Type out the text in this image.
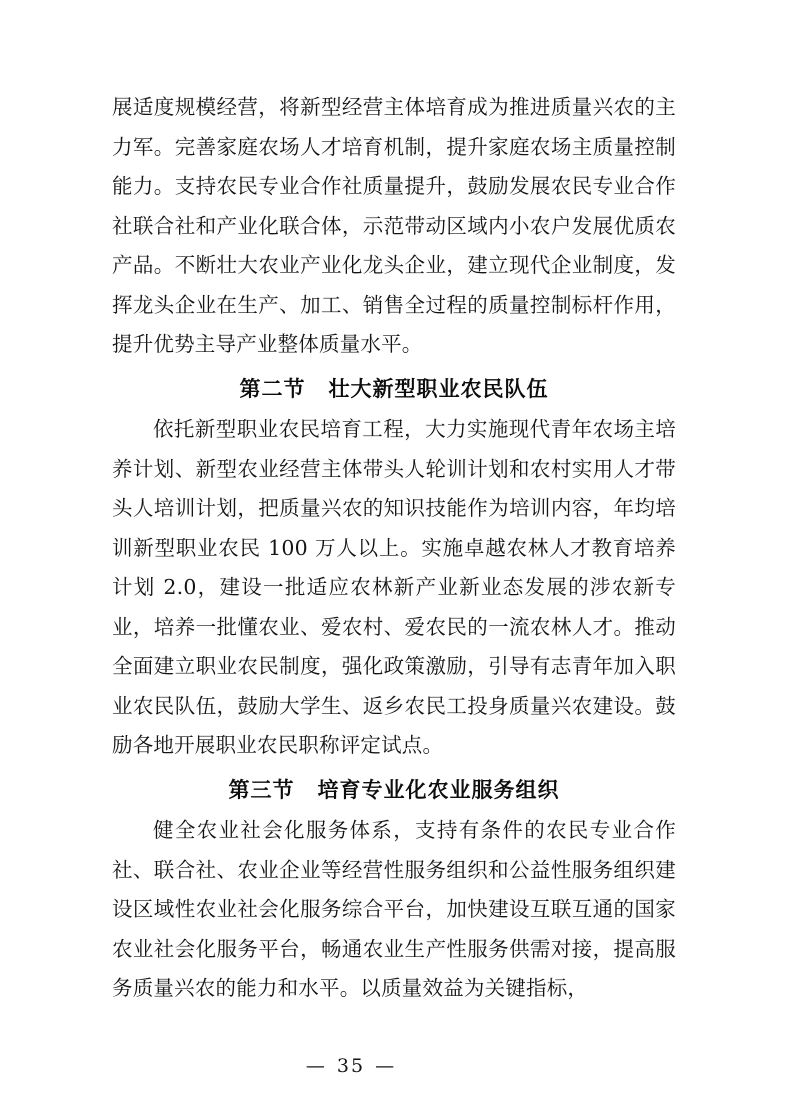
展适度规模经营，将新型经营主体培育成为推进质量兴农的主力军。完善家庭农场人才培育机制，提升家庭农场主质量控制能力。支持农民专业合作社质量提升，鼓励发展农民专业合作社联合社和产业化联合体，示范带动区域内小农户发展优质农产品。不断壮大农业产业化龙头企业，建立现代企业制度，发挥龙头企业在生产、加工、销售全过程的质量控制标杆作用，提升优势主导产业整体质量水平。

第二节 壮大新型职业农民队伍

依托新型职业农民培育工程，大力实施现代青年农场主培养计划、新型农业经营主体带头人轮训计划和农村实用人才带头人培训计划，把质量兴农的知识技能作为培训内容，年均培训新型职业农民 100 万人以上。实施卓越农林人才教育培养计划 2.0，建设一批适应农林新产业新业态发展的涉农新专业，培养一批懂农业、爱农村、爱农民的一流农林人才。推动全面建立职业农民制度，强化政策激励，引导有志青年加入职业农民队伍，鼓励大学生、返乡农民工投身质量兴农建设。鼓励各地开展职业农民职称评定试点。

第三节 培育专业化农业服务组织

健全农业社会化服务体系，支持有条件的农民专业合作社、联合社、农业企业等经营性服务组织和公益性服务组织建设区域性农业社会化服务综合平台，加快建设互联互通的国家农业社会化服务平台，畅通农业生产性服务供需对接，提高服务质量兴农的能力和水平。以质量效益为关键指标，

— 35 —
